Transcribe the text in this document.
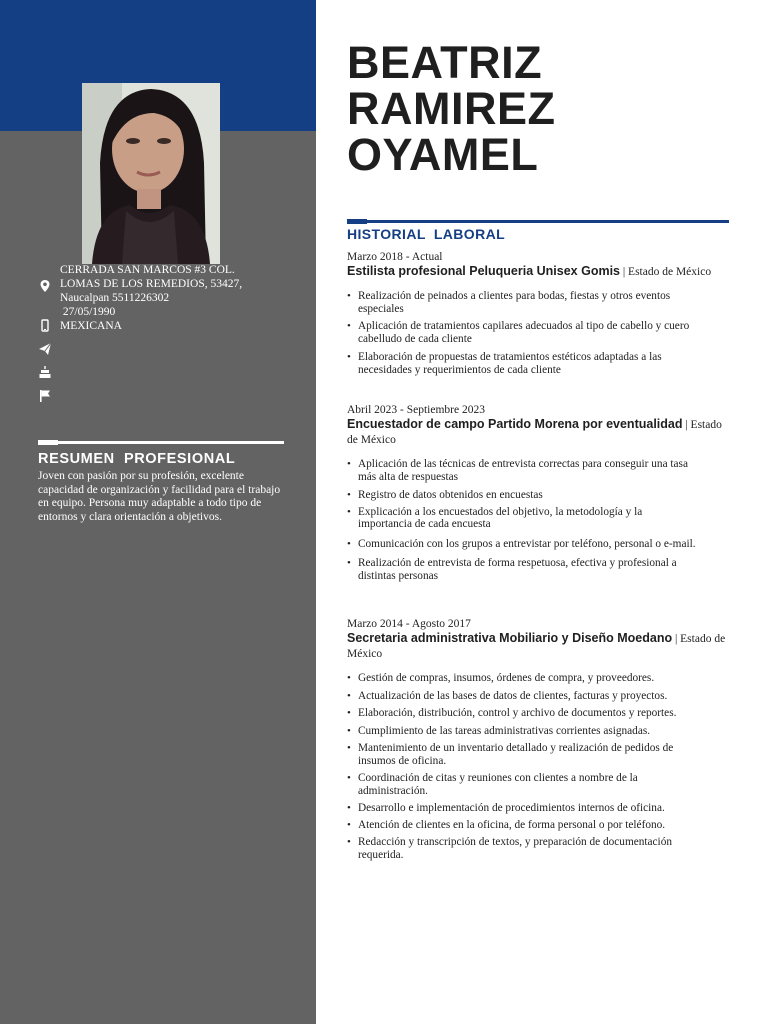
CERRADA SAN MARCOS #3 COL.
LOMAS DE LOS REMEDIOS, 53427,
Naucalpan 5511226302
27/05/1990
MEXICANA
RESUMEN  PROFESIONAL
Joven con pasión por su profesión, excelente capacidad de organización y facilidad para el trabajo en equipo. Persona muy adaptable a todo tipo de entornos y clara orientación a objetivos.
BEATRIZ
RAMIREZ
OYAMEL
HISTORIAL LABORAL
Marzo 2018 - Actual
Estilista profesional Peluqueria Unisex Gomis | Estado de México
• Realización de peinados a clientes para bodas, fiestas y otros eventos especiales
• Aplicación de tratamientos capilares adecuados al tipo de cabello y cuero cabelludo de cada cliente
• Elaboración de propuestas de tratamientos estéticos adaptadas a las necesidades y requerimientos de cada cliente
Abril 2023 - Septiembre 2023
Encuestador de campo Partido Morena por eventualidad | Estado de México
• Aplicación de las técnicas de entrevista correctas para conseguir una tasa más alta de respuestas
• Registro de datos obtenidos en encuestas
• Explicación a los encuestados del objetivo, la metodología y la importancia de cada encuesta
• Comunicación con los grupos a entrevistar por teléfono, personal o e-mail.
• Realización de entrevista de forma respetuosa, efectiva y profesional a distintas personas
Marzo 2014 - Agosto 2017
Secretaria administrativa Mobiliario y Diseño Moedano | Estado de México
• Gestión de compras, insumos, órdenes de compra, y proveedores.
• Actualización de las bases de datos de clientes, facturas y proyectos.
• Elaboración, distribución, control y archivo de documentos y reportes.
• Cumplimiento de las tareas administrativas corrientes asignadas.
• Mantenimiento de un inventario detallado y realización de pedidos de insumos de oficina.
• Coordinación de citas y reuniones con clientes a nombre de la administración.
• Desarrollo e implementación de procedimientos internos de oficina.
• Atención de clientes en la oficina, de forma personal o por teléfono.
• Redacción y transcripción de textos, y preparación de documentación requerida.
